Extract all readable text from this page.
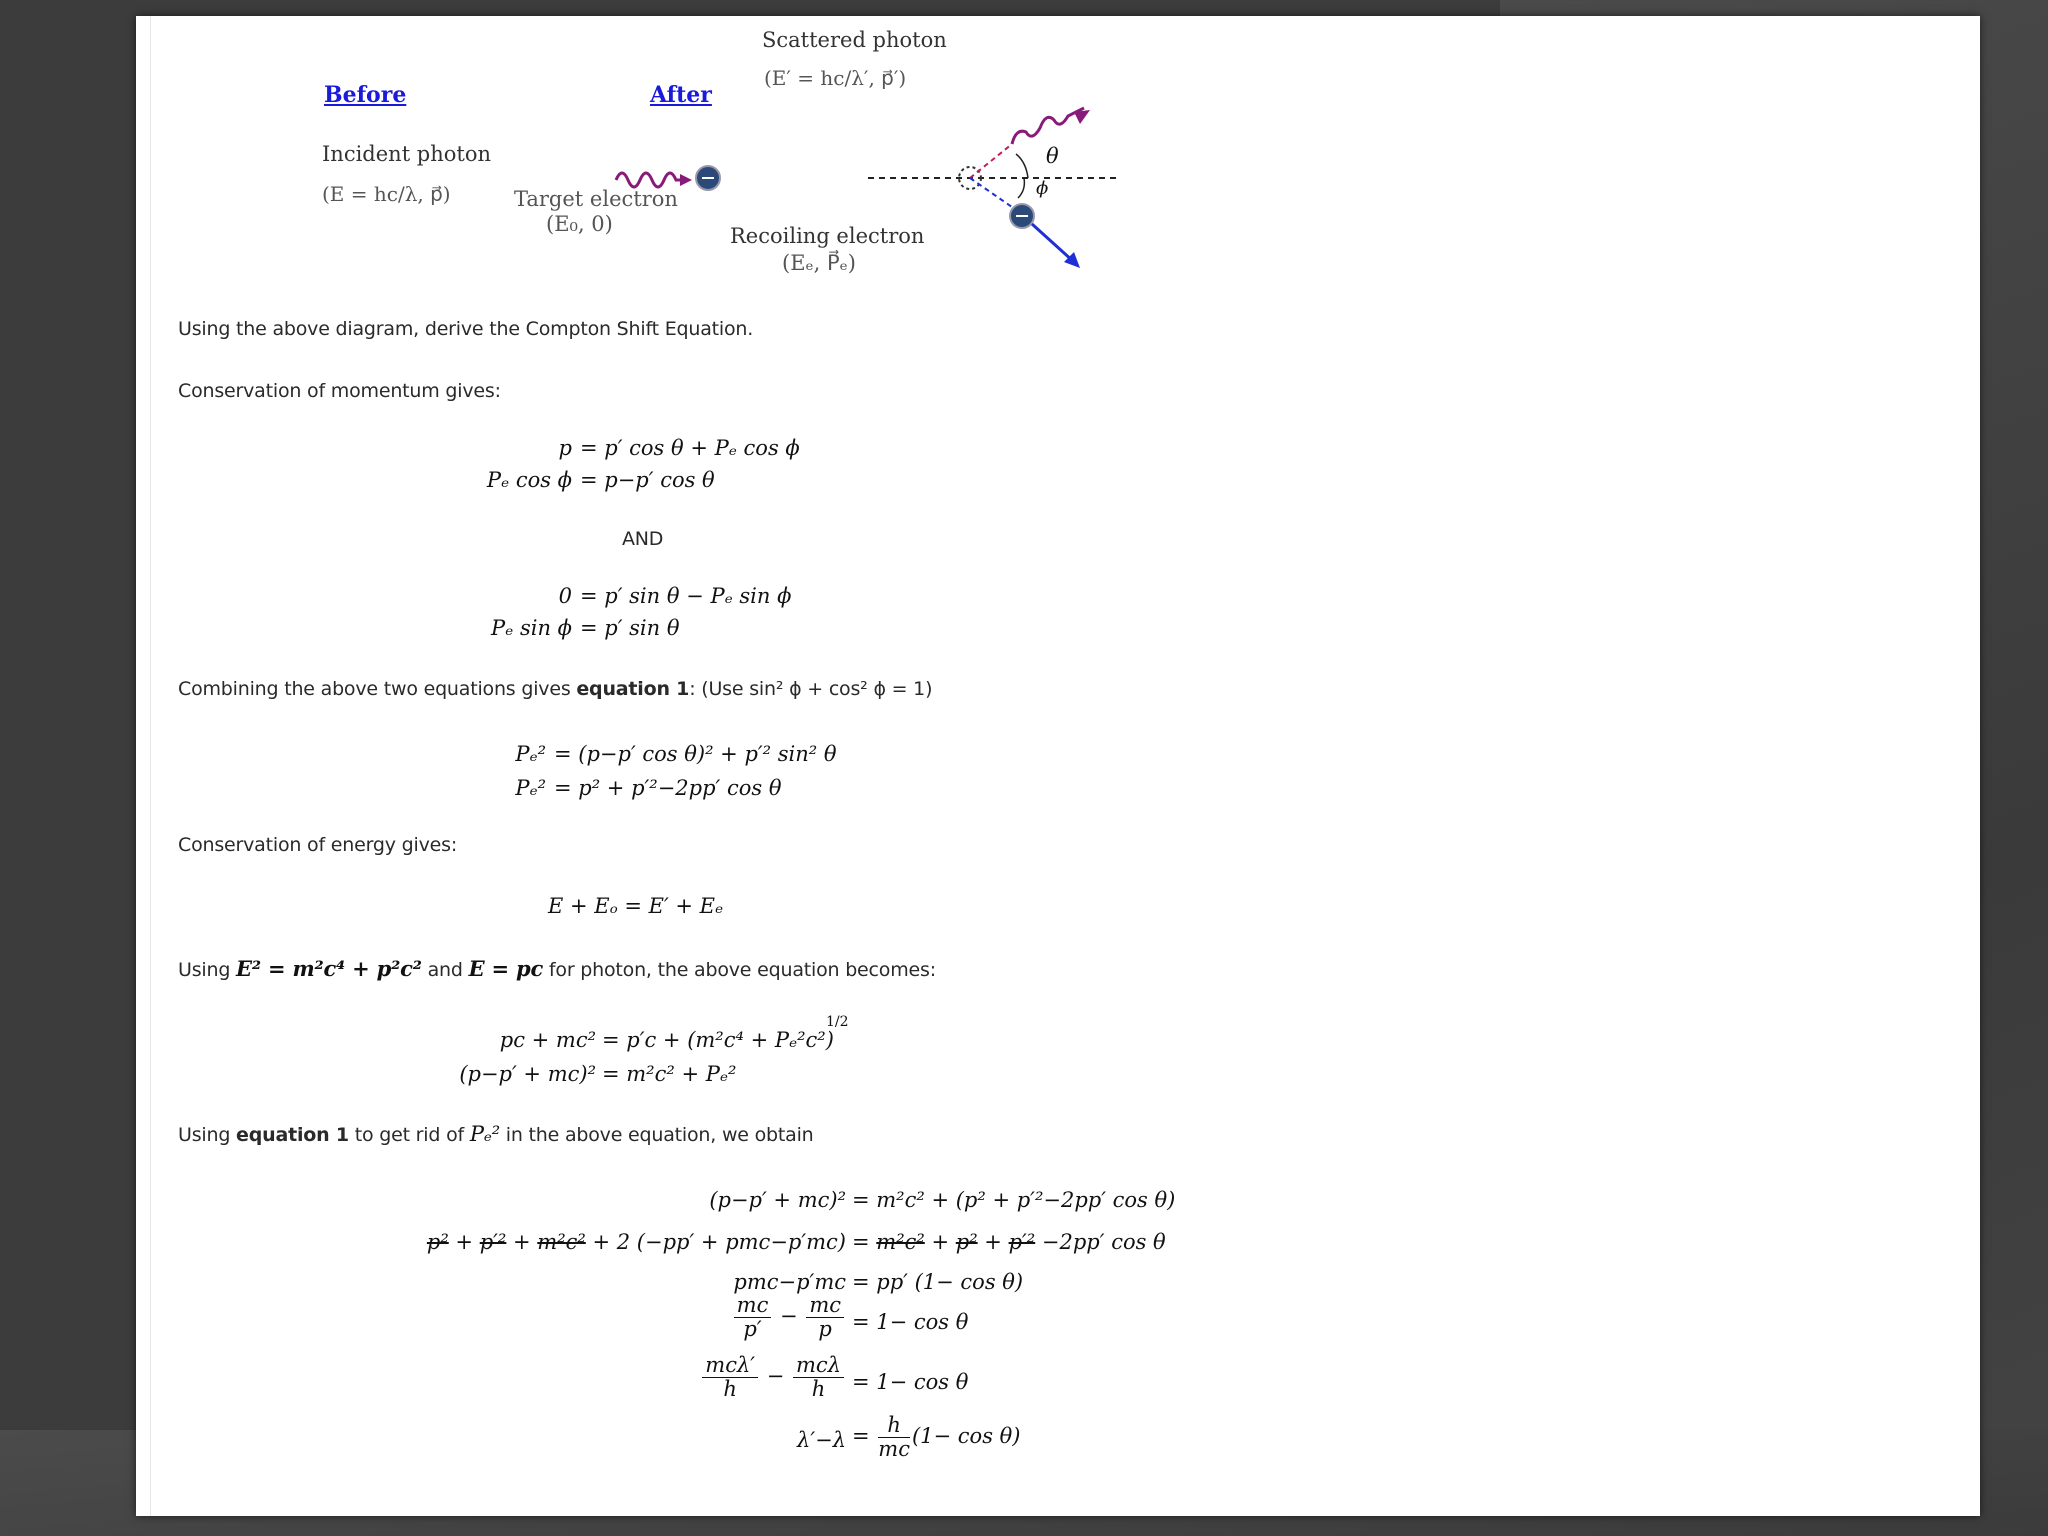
Before	After
Scattered photon
(E′ = hc/λ′, p⃗′)
Incident photon
(E = hc/λ, p⃗)	Target electron
(E₀, 0)	Recoiling electron
(Eₑ, P⃗ₑ)
θ
ϕ
Using the above diagram, derive the Compton Shift Equation.
Conservation of momentum gives:
p = p′ cos θ + Pₑ cos ϕ
Pₑ cos ϕ = p−p′ cos θ
AND
0 = p′ sin θ − Pₑ sin ϕ
Pₑ sin ϕ = p′ sin θ
Combining the above two equations gives equation 1: (Use sin² ϕ + cos² ϕ = 1)
Pₑ² = (p−p′ cos θ)² + p′² sin² θ
Pₑ² = p² + p′²−2pp′ cos θ
Conservation of energy gives:
E + Eₒ = E′ + Eₑ
Using E² = m²c⁴ + p²c² and E = pc for photon, the above equation becomes:
pc + mc² = p′c + (m²c⁴ + Pₑ²c²)
1/2
(p−p′ + mc)² = m²c² + Pₑ²
Using equation 1 to get rid of Pₑ² in the above equation, we obtain
(p−p′ + mc)² = m²c² + (p² + p′²−2pp′ cos θ)
p² + p′² + m²c² + 2 (−pp′ + pmc−p′mc) = m²c² + p² + p′² −2pp′ cos θ
pmc−p′mc = pp′ (1− cos θ)
$\frac{mc}{p'} - \frac{mc}{p} = 1- \cos \theta$
$\frac{\text{mcλ′}}{h} - \frac{\text{mcλ}}{h} = 1- \cos \theta$
$\lambda'-\lambda = \frac{h}{mc} (1- \cos \theta)$
